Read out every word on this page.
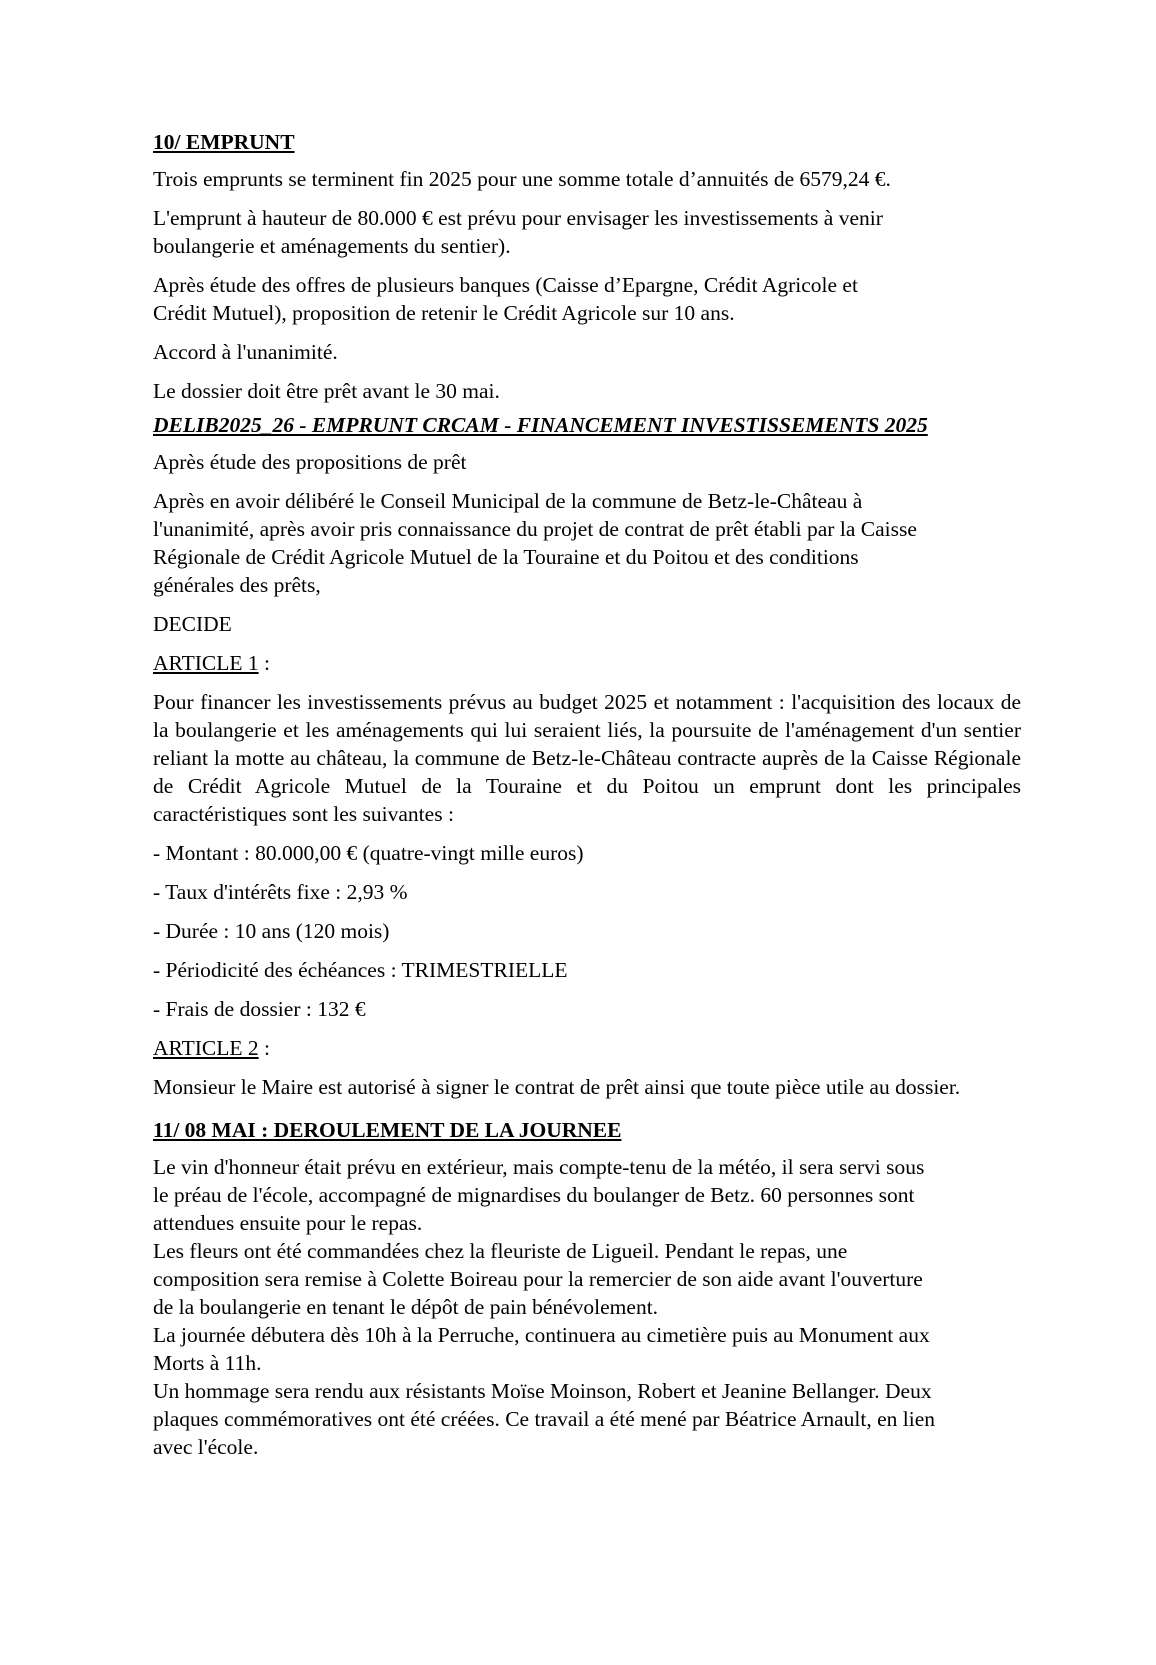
10/ EMPRUNT

Trois emprunts se terminent fin 2025 pour une somme totale d’annuités de 6579,24 €.

L'emprunt à hauteur de 80.000 € est prévu pour envisager les investissements à venir boulangerie et aménagements du sentier).

Après étude des offres de plusieurs banques (Caisse d’Epargne, Crédit Agricole et Crédit Mutuel), proposition de retenir le Crédit Agricole sur 10 ans.

Accord à l'unanimité.

Le dossier doit être prêt avant le 30 mai.

DELIB2025_26 - EMPRUNT CRCAM - FINANCEMENT INVESTISSEMENTS 2025

Après étude des propositions de prêt

Après en avoir délibéré le Conseil Municipal de la commune de Betz-le-Château à l'unanimité, après avoir pris connaissance du projet de contrat de prêt établi par la Caisse Régionale de Crédit Agricole Mutuel de la Touraine et du Poitou et des conditions générales des prêts,

DECIDE

ARTICLE 1 :

Pour financer les investissements prévus au budget 2025 et notamment : l'acquisition des locaux de la boulangerie et les aménagements qui lui seraient liés, la poursuite de l'aménagement d'un sentier reliant la motte au château, la commune de Betz-le-Château contracte auprès de la Caisse Régionale de Crédit Agricole Mutuel de la Touraine et du Poitou un emprunt dont les principales caractéristiques sont les suivantes :

- Montant : 80.000,00 € (quatre-vingt mille euros)

- Taux d'intérêts fixe : 2,93 %

- Durée : 10 ans (120 mois)

- Périodicité des échéances : TRIMESTRIELLE

- Frais de dossier : 132 €

ARTICLE 2 :

Monsieur le Maire est autorisé à signer le contrat de prêt ainsi que toute pièce utile au dossier.

11/ 08 MAI : DEROULEMENT DE LA JOURNEE

Le vin d'honneur était prévu en extérieur, mais compte-tenu de la météo, il sera servi sous le préau de l'école, accompagné de mignardises du boulanger de Betz. 60 personnes sont attendues ensuite pour le repas.

Les fleurs ont été commandées chez la fleuriste de Ligueil. Pendant le repas, une composition sera remise à Colette Boireau pour la remercier de son aide avant l'ouverture de la boulangerie en tenant le dépôt de pain bénévolement.

La journée débutera dès 10h à la Perruche, continuera au cimetière puis au Monument aux Morts à 11h.

Un hommage sera rendu aux résistants Moïse Moinson, Robert et Jeanine Bellanger. Deux plaques commémoratives ont été créées. Ce travail a été mené par Béatrice Arnault, en lien avec l'école.
